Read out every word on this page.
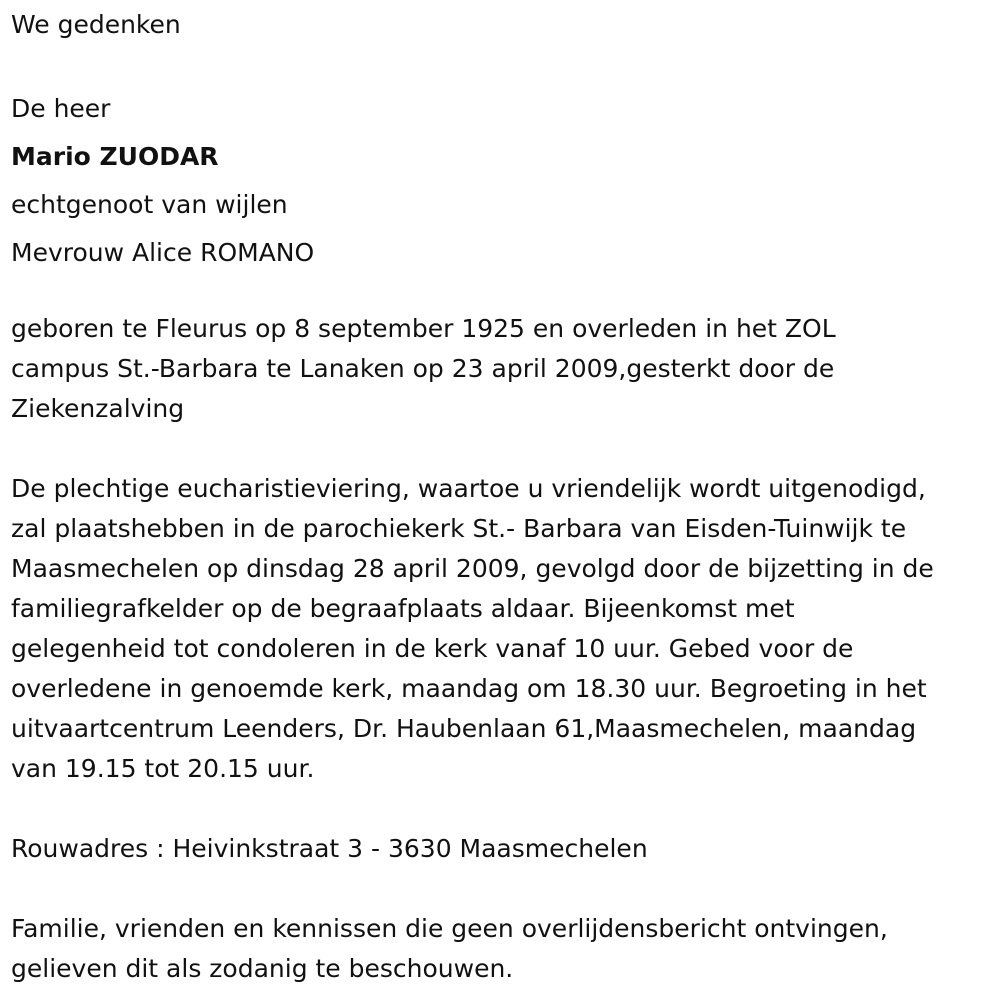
We gedenken
De heer
Mario ZUODAR
echtgenoot van wijlen
Mevrouw Alice ROMANO
geboren te Fleurus op 8 september 1925 en overleden in het ZOL
campus St.-Barbara te Lanaken op 23 april 2009,gesterkt door de
Ziekenzalving
De plechtige eucharistieviering, waartoe u vriendelijk wordt uitgenodigd,
zal plaatshebben in de parochiekerk St.- Barbara van Eisden-Tuinwijk te
Maasmechelen op dinsdag 28 april 2009, gevolgd door de bijzetting in de
familiegrafkelder op de begraafplaats aldaar. Bijeenkomst met
gelegenheid tot condoleren in de kerk vanaf 10 uur. Gebed voor de
overledene in genoemde kerk, maandag om 18.30 uur. Begroeting in het
uitvaartcentrum Leenders, Dr. Haubenlaan 61,Maasmechelen, maandag
van 19.15 tot 20.15 uur.
Rouwadres : Heivinkstraat 3 - 3630 Maasmechelen
Familie, vrienden en kennissen die geen overlijdensbericht ontvingen,
gelieven dit als zodanig te beschouwen.
